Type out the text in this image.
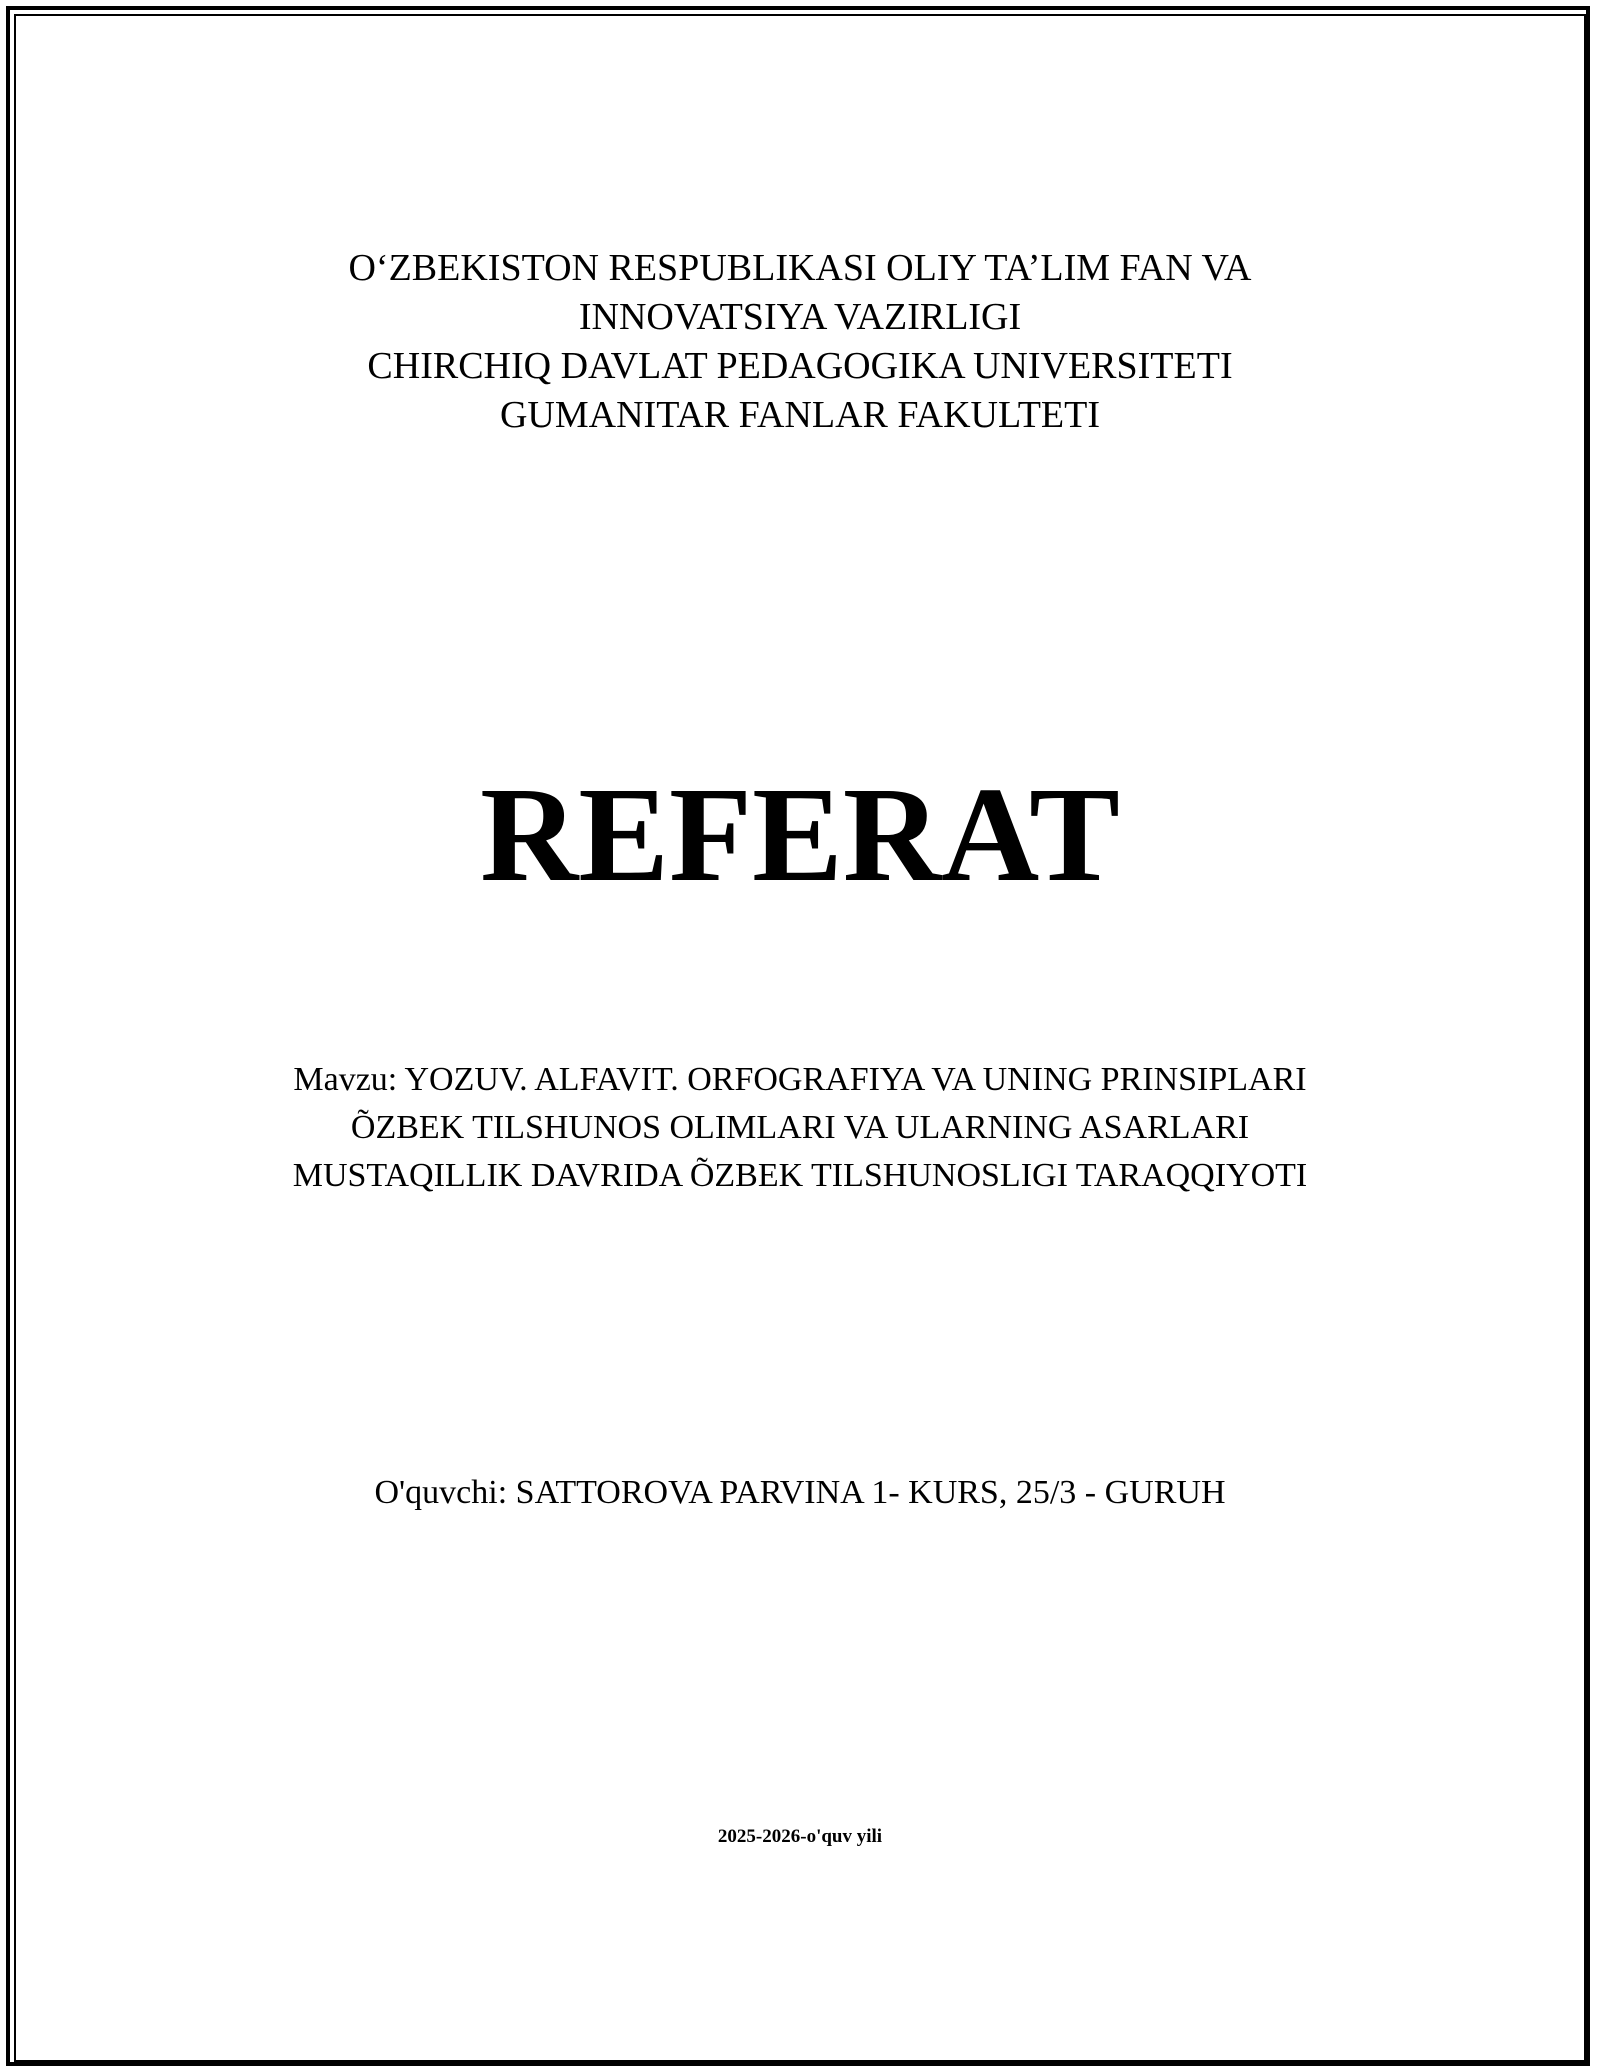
O‘ZBEKISTON RESPUBLIKASI OLIY TA’LIM FAN VA
INNOVATSIYA VAZIRLIGI
CHIRCHIQ DAVLAT PEDAGOGIKA UNIVERSITETI
GUMANITAR FANLAR FAKULTETI
REFERAT
Mavzu: YOZUV. ALFAVIT. ORFOGRAFIYA VA UNING PRINSIPLARI
ÕZBEK TILSHUNOS OLIMLARI VA ULARNING ASARLARI
MUSTAQILLIK DAVRIDA ÕZBEK TILSHUNOSLIGI TARAQQIYOTI
O'quvchi: SATTOROVA PARVINA 1- KURS, 25/3 - GURUH
2025-2026-o'quv yili
